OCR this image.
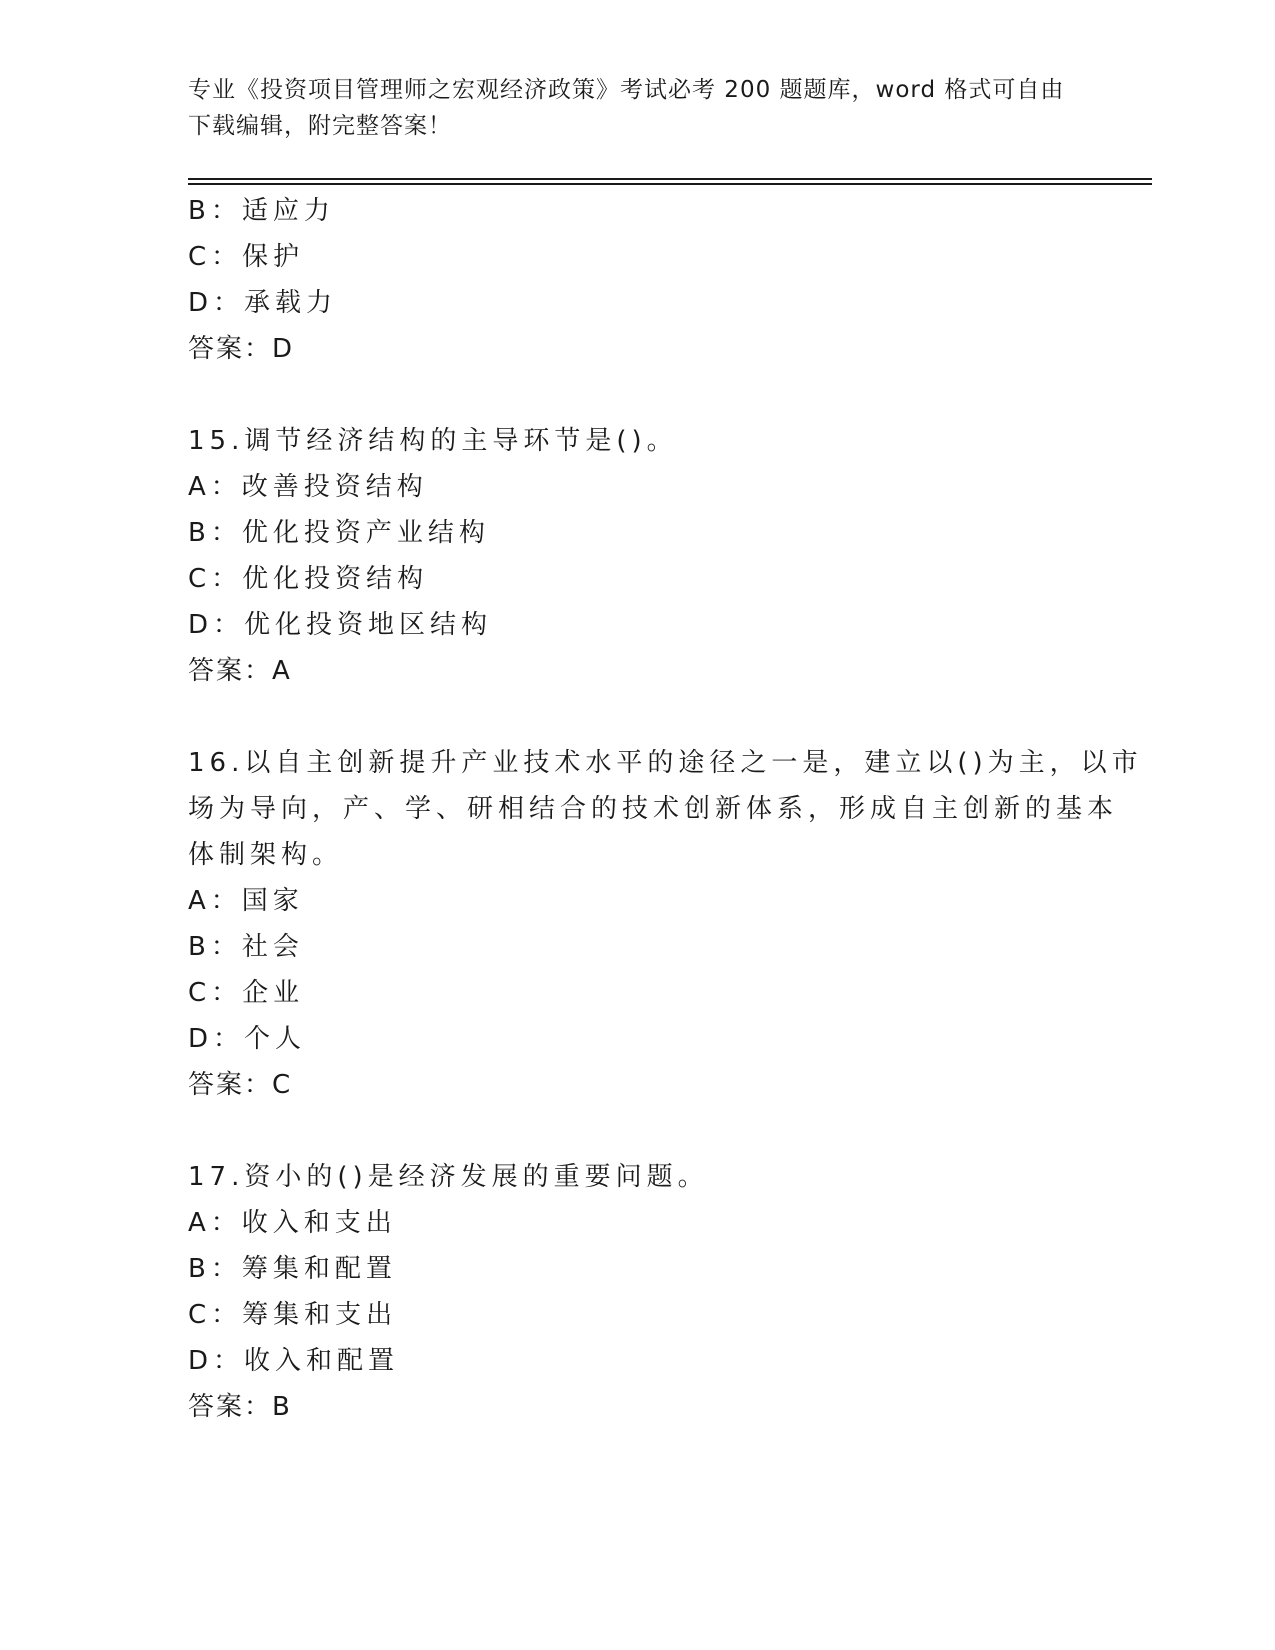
专业《投资项目管理师之宏观经济政策》考试必考 200 题题库，word 格式可自由
下载编辑，附完整答案！
B：适应力
C：保护
D：承载力
答案：D
15.调节经济结构的主导环节是()。
A：改善投资结构
B：优化投资产业结构
C：优化投资结构
D：优化投资地区结构
答案：A
16.以自主创新提升产业技术水平的途径之一是，建立以()为主，以市
场为导向，产、学、研相结合的技术创新体系，形成自主创新的基本
体制架构。
A：国家
B：社会
C：企业
D：个人
答案：C
17.资小的()是经济发展的重要问题。
A：收入和支出
B：筹集和配置
C：筹集和支出
D：收入和配置
答案：B
